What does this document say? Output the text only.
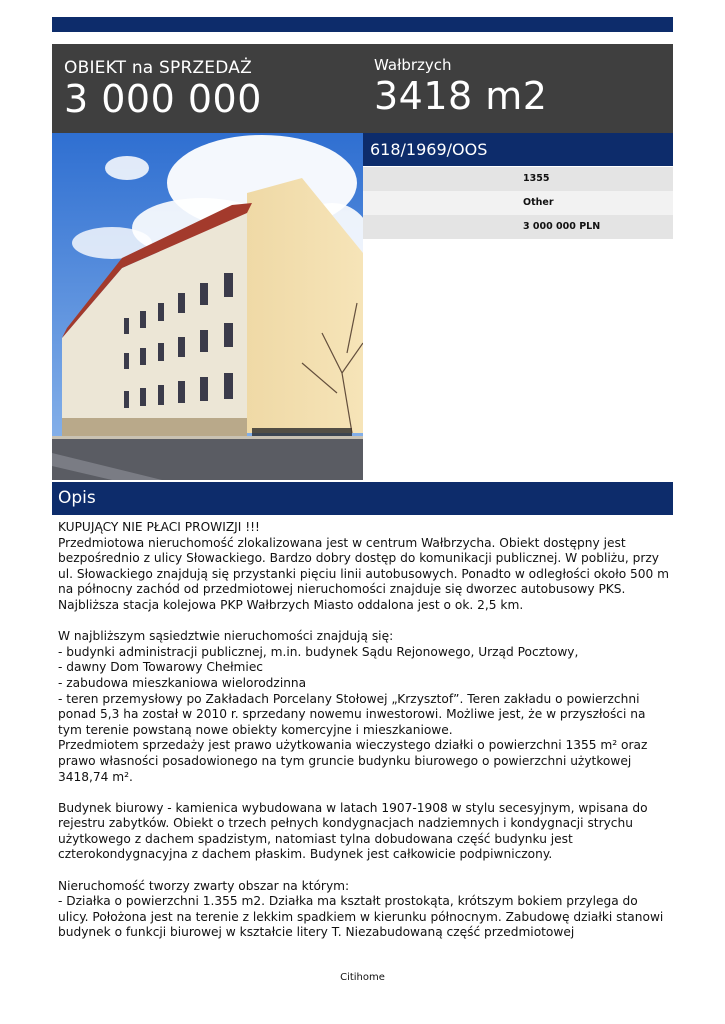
OBIEKT na SPRZEDAŻ
3 000 000
Wałbrzych
3418 m2
618/1969/OOS
1355
Other
3 000 000 PLN
Opis

KUPUJĄCY NIE PŁACI PROWIZJI !!!

Przedmiotowa nieruchomość zlokalizowana jest w centrum Wałbrzycha. Obiekt dostępny jest bezpośrednio z ulicy Słowackiego. Bardzo dobry dostęp do komunikacji publicznej. W pobliżu, przy ul. Słowackiego znajdują się przystanki pięciu linii autobusowych. Ponadto w odległości około 500 m na północny zachód od przedmiotowej nieruchomości znajduje się dworzec autobusowy PKS. Najbliższa stacja kolejowa PKP Wałbrzych Miasto oddalona jest o ok. 2,5 km.

W najbliższym sąsiedztwie nieruchomości znajdują się:

- budynki administracji publicznej, m.in. budynek Sądu Rejonowego, Urząd Pocztowy,

- dawny Dom Towarowy Chełmiec

- zabudowa mieszkaniowa wielorodzinna

- teren przemysłowy po Zakładach Porcelany Stołowej „Krzysztof”. Teren zakładu o powierzchni ponad 5,3 ha został w 2010 r. sprzedany nowemu inwestorowi. Możliwe jest, że w przyszłości na tym terenie powstaną nowe obiekty komercyjne i mieszkaniowe.

Przedmiotem sprzedaży jest prawo użytkowania wieczystego działki o powierzchni 1355 m² oraz prawo własności posadowionego na tym gruncie budynku biurowego o powierzchni użytkowej 3418,74 m².

Budynek biurowy - kamienica wybudowana w latach 1907-1908 w stylu secesyjnym, wpisana do rejestru zabytków. Obiekt o trzech pełnych kondygnacjach nadziemnych i kondygnacji strychu użytkowego z dachem spadzistym, natomiast tylna dobudowana część budynku jest czterokondygnacyjna z dachem płaskim. Budynek jest całkowicie podpiwniczony.

Nieruchomość tworzy zwarty obszar na którym:

- Działka o powierzchni 1.355 m2. Działka ma kształt prostokąta, krótszym bokiem przylega do ulicy. Położona jest na terenie z lekkim spadkiem w kierunku północnym. Zabudowę działki stanowi budynek o funkcji biurowej w kształcie litery T. Niezabudowaną część przedmiotowej

Citihome
